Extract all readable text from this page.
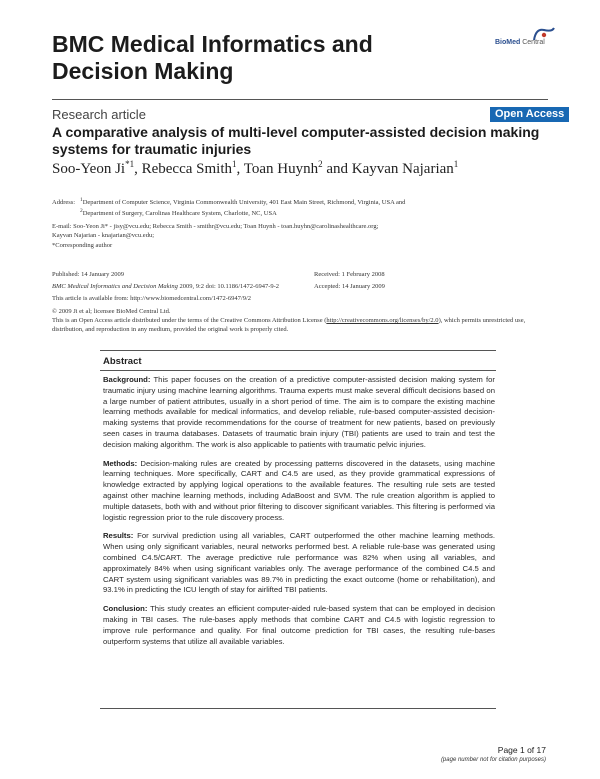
BMC Medical Informatics and Decision Making
BioMed Central
Research article	Open Access
A comparative analysis of multi-level computer-assisted decision making systems for traumatic injuries
Soo-Yeon Ji$^{*1}$, Rebecca Smith$^1$, Toan Huynh$^2$ and Kayvan Najarian$^1$
Address: $^1$Department of Computer Science, Virginia Commonwealth University, 401 East Main Street, Richmond, Virginia, USA and
$^2$Department of Surgery, Carolinas Healthcare System, Charlotte, NC, USA
E-mail: Soo-Yeon Ji* - jisy@vcu.edu; Rebecca Smith - smithr@vcu.edu; Toan Huynh - toan.huyhn@carolinashealthcare.org;
Kayvan Najarian - knajarian@vcu.edu;
*Corresponding author
Published: 14 January 2009	Received: 1 February 2008
BMC Medical Informatics and Decision Making 2009, 9:2 doi: 10.1186/1472-6947-9-2	Accepted: 14 January 2009
This article is available from: http://www.biomedcentral.com/1472-6947/9/2
© 2009 Ji et al; licensee BioMed Central Ltd.
This is an Open Access article distributed under the terms of the Creative Commons Attribution License (http://creativecommons.org/licenses/by/2.0), which permits unrestricted use, distribution, and reproduction in any medium, provided the original work is properly cited.
Abstract

Background: This paper focuses on the creation of a predictive computer-assisted decision making system for traumatic injury using machine learning algorithms. Trauma experts must make several difficult decisions based on a large number of patient attributes, usually in a short period of time. The aim is to compare the existing machine learning methods available for medical informatics, and develop reliable, rule-based computer-assisted decision-making systems that provide recommendations for the course of treatment for new patients, based on previously seen cases in trauma databases. Datasets of traumatic brain injury (TBI) patients are used to train and test the decision making algorithm. The work is also applicable to patients with traumatic pelvic injuries.

Methods: Decision-making rules are created by processing patterns discovered in the datasets, using machine learning techniques. More specifically, CART and C4.5 are used, as they provide grammatical expressions of knowledge extracted by applying logical operations to the available features. The resulting rule sets are tested against other machine learning methods, including AdaBoost and SVM. The rule creation algorithm is applied to multiple datasets, both with and without prior filtering to discover significant variables. This filtering is performed via logistic regression prior to the rule discovery process.

Results: For survival prediction using all variables, CART outperformed the other machine learning methods. When using only significant variables, neural networks performed best. A reliable rule-base was generated using combined C4.5/CART. The average predictive rule performance was 82% when using all variables, and approximately 84% when using significant variables only. The average performance of the combined C4.5 and CART system using significant variables was 89.7% in predicting the exact outcome (home or rehabilitation), and 93.1% in predicting the ICU length of stay for airlifted TBI patients.

Conclusion: This study creates an efficient computer-aided rule-based system that can be employed in decision making in TBI cases. The rule-bases apply methods that combine CART and C4.5 with logistic regression to improve rule performance and quality. For final outcome prediction for TBI cases, the resulting rule-bases outperform systems that utilize all available variables.

Page 1 of 17
(page number not for citation purposes)
